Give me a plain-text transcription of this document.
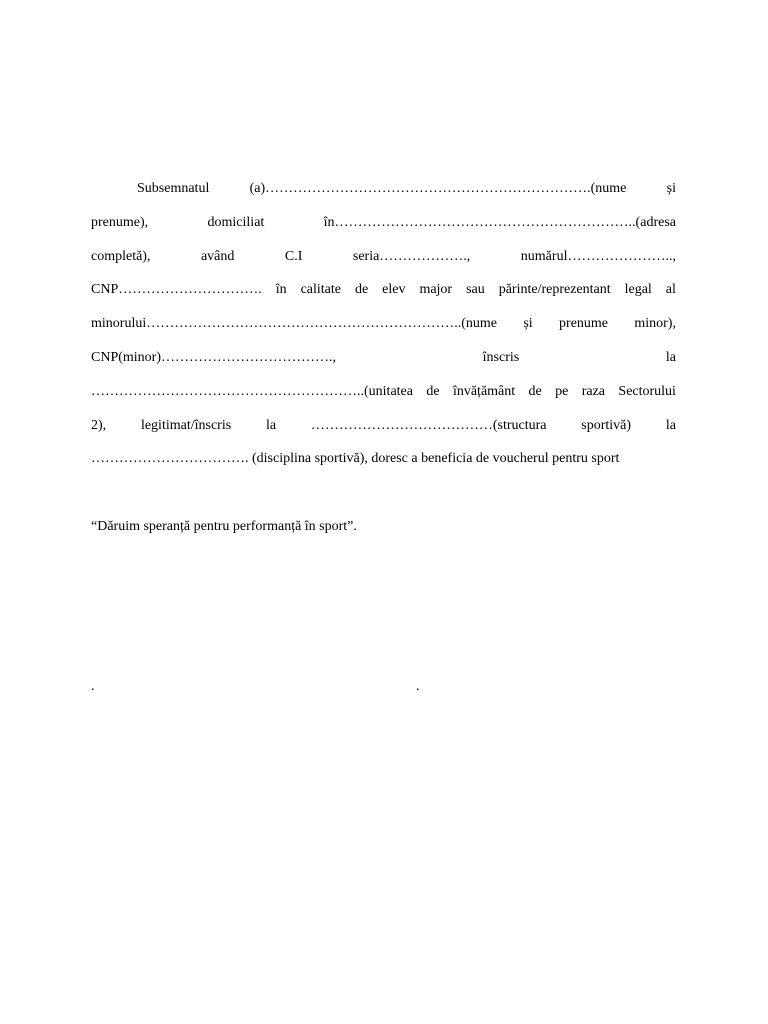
Subsemnatul	(a)…………………………………………………………….(nume	și
prenume),	domiciliat	în………………………………………………………..(adresa
completă),	având	C.I	seria……………….,	numărul…………………..,
CNP…………………………. în calitate de elev major sau părinte/reprezentant legal al
minorului…………………………………………………………..(nume și prenume minor),
CNP(minor)……………………………….,	înscris	la
…………………………………………………..(unitatea de învățământ de pe raza Sectorului
2), legitimat/înscris la …………………………………(structura sportivă) la
……………………………. (disciplina sportivă), doresc a beneficia de voucherul pentru sport
“Dăruim speranță pentru performanță în sport”.
.	.
